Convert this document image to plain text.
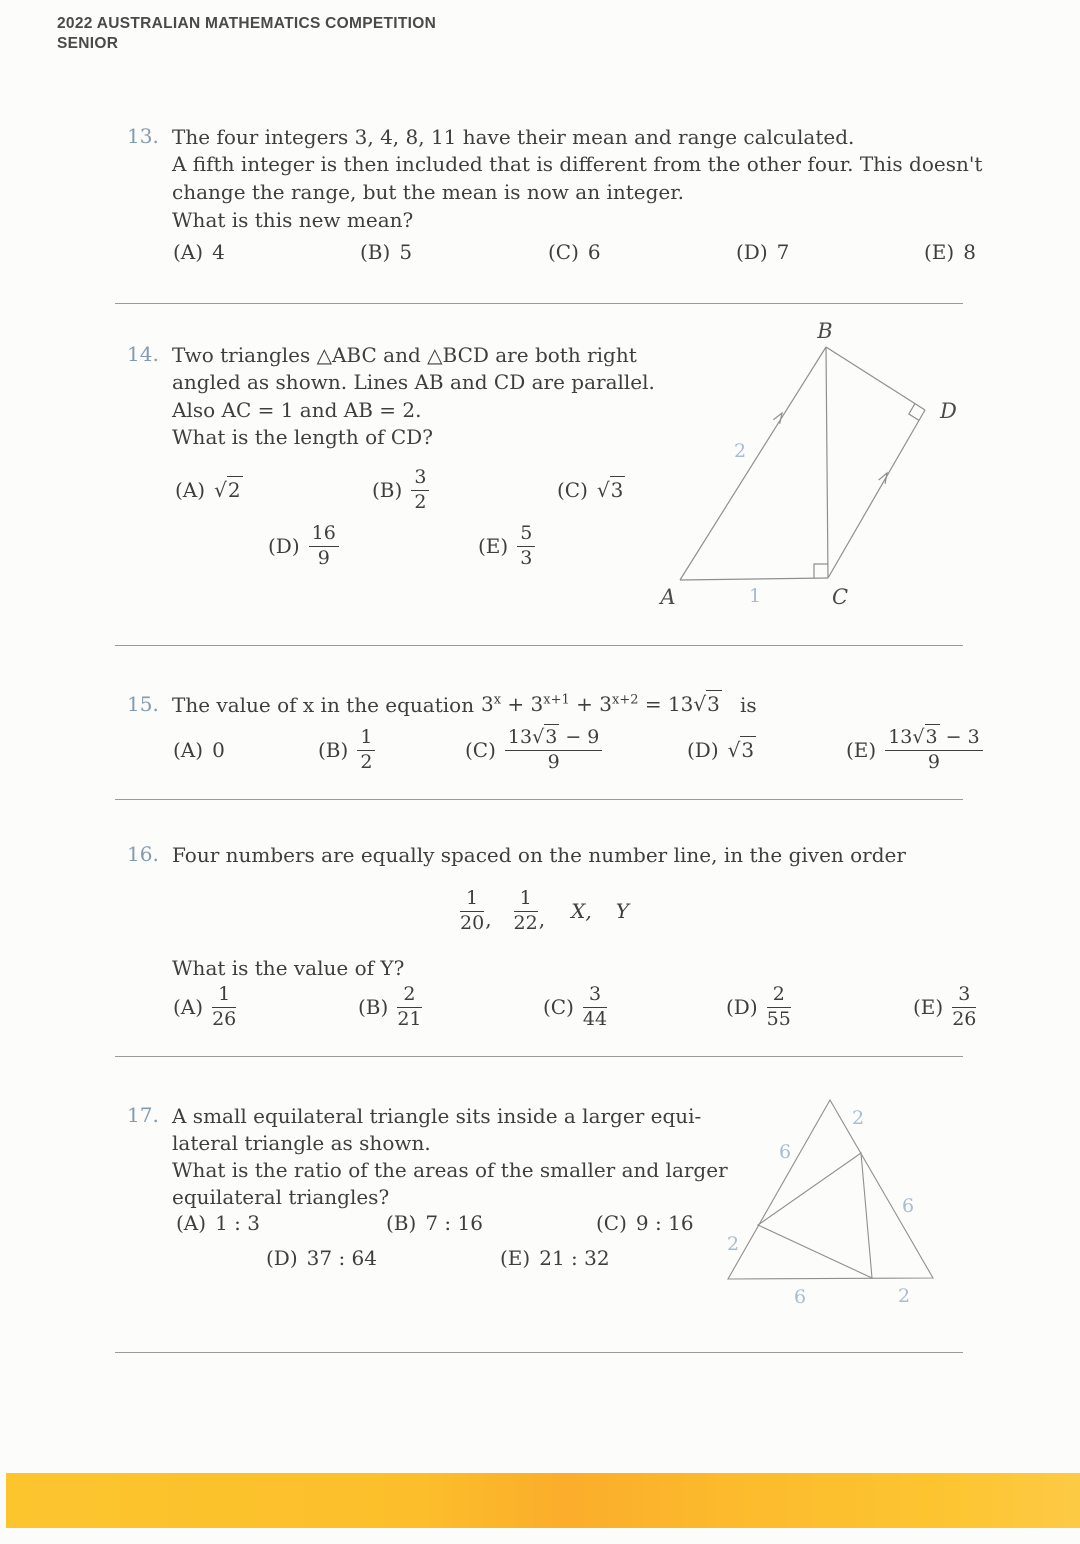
2022 AUSTRALIAN MATHEMATICS COMPETITION
SENIOR
13. The four integers 3, 4, 8, 11 have their mean and range calculated.
A fifth integer is then included that is different from the other four. This doesn't
change the range, but the mean is now an integer.
What is this new mean?
(A) 4	(B) 5	(C) 6	(D) 7	(E) 8
14. Two triangles △ABC and △BCD are both right
angled as shown. Lines AB and CD are parallel.
Also AC = 1 and AB = 2.
What is the length of CD?
(A) √2	$(B) \frac{3}{2}$	(C) √3
$(D) \frac{16}{9}$	$(E) \frac{5}{3}$
B
D
A	C
2
1
15. The value of x in the equation $3^x + 3^{x+1} + 3^{x+2} = 13√3$ is
(A) 0	$(B) \frac{1}{2}$	$(C) \frac{13√3 - 9}{9}$	(D) √3	$(E) \frac{13√3 - 3}{9}$
16. Four numbers are equally spaced on the number line, in the given order
$\frac{1}{20}$ , $\frac{1}{22}$ , X, Y
What is the value of Y?
$(A) \frac{1}{26}$	$(B) \frac{2}{21}$	$(C) \frac{3}{44}$	$(D) \frac{2}{55}$	$(E) \frac{3}{26}$
17. A small equilateral triangle sits inside a larger equi-
lateral triangle as shown.
What is the ratio of the areas of the smaller and larger
equilateral triangles?
(A) 1 : 3	(B) 7 : 16	(C) 9 : 16
(D) 37 : 64	(E) 21 : 32
2
6
6
2
6	2
